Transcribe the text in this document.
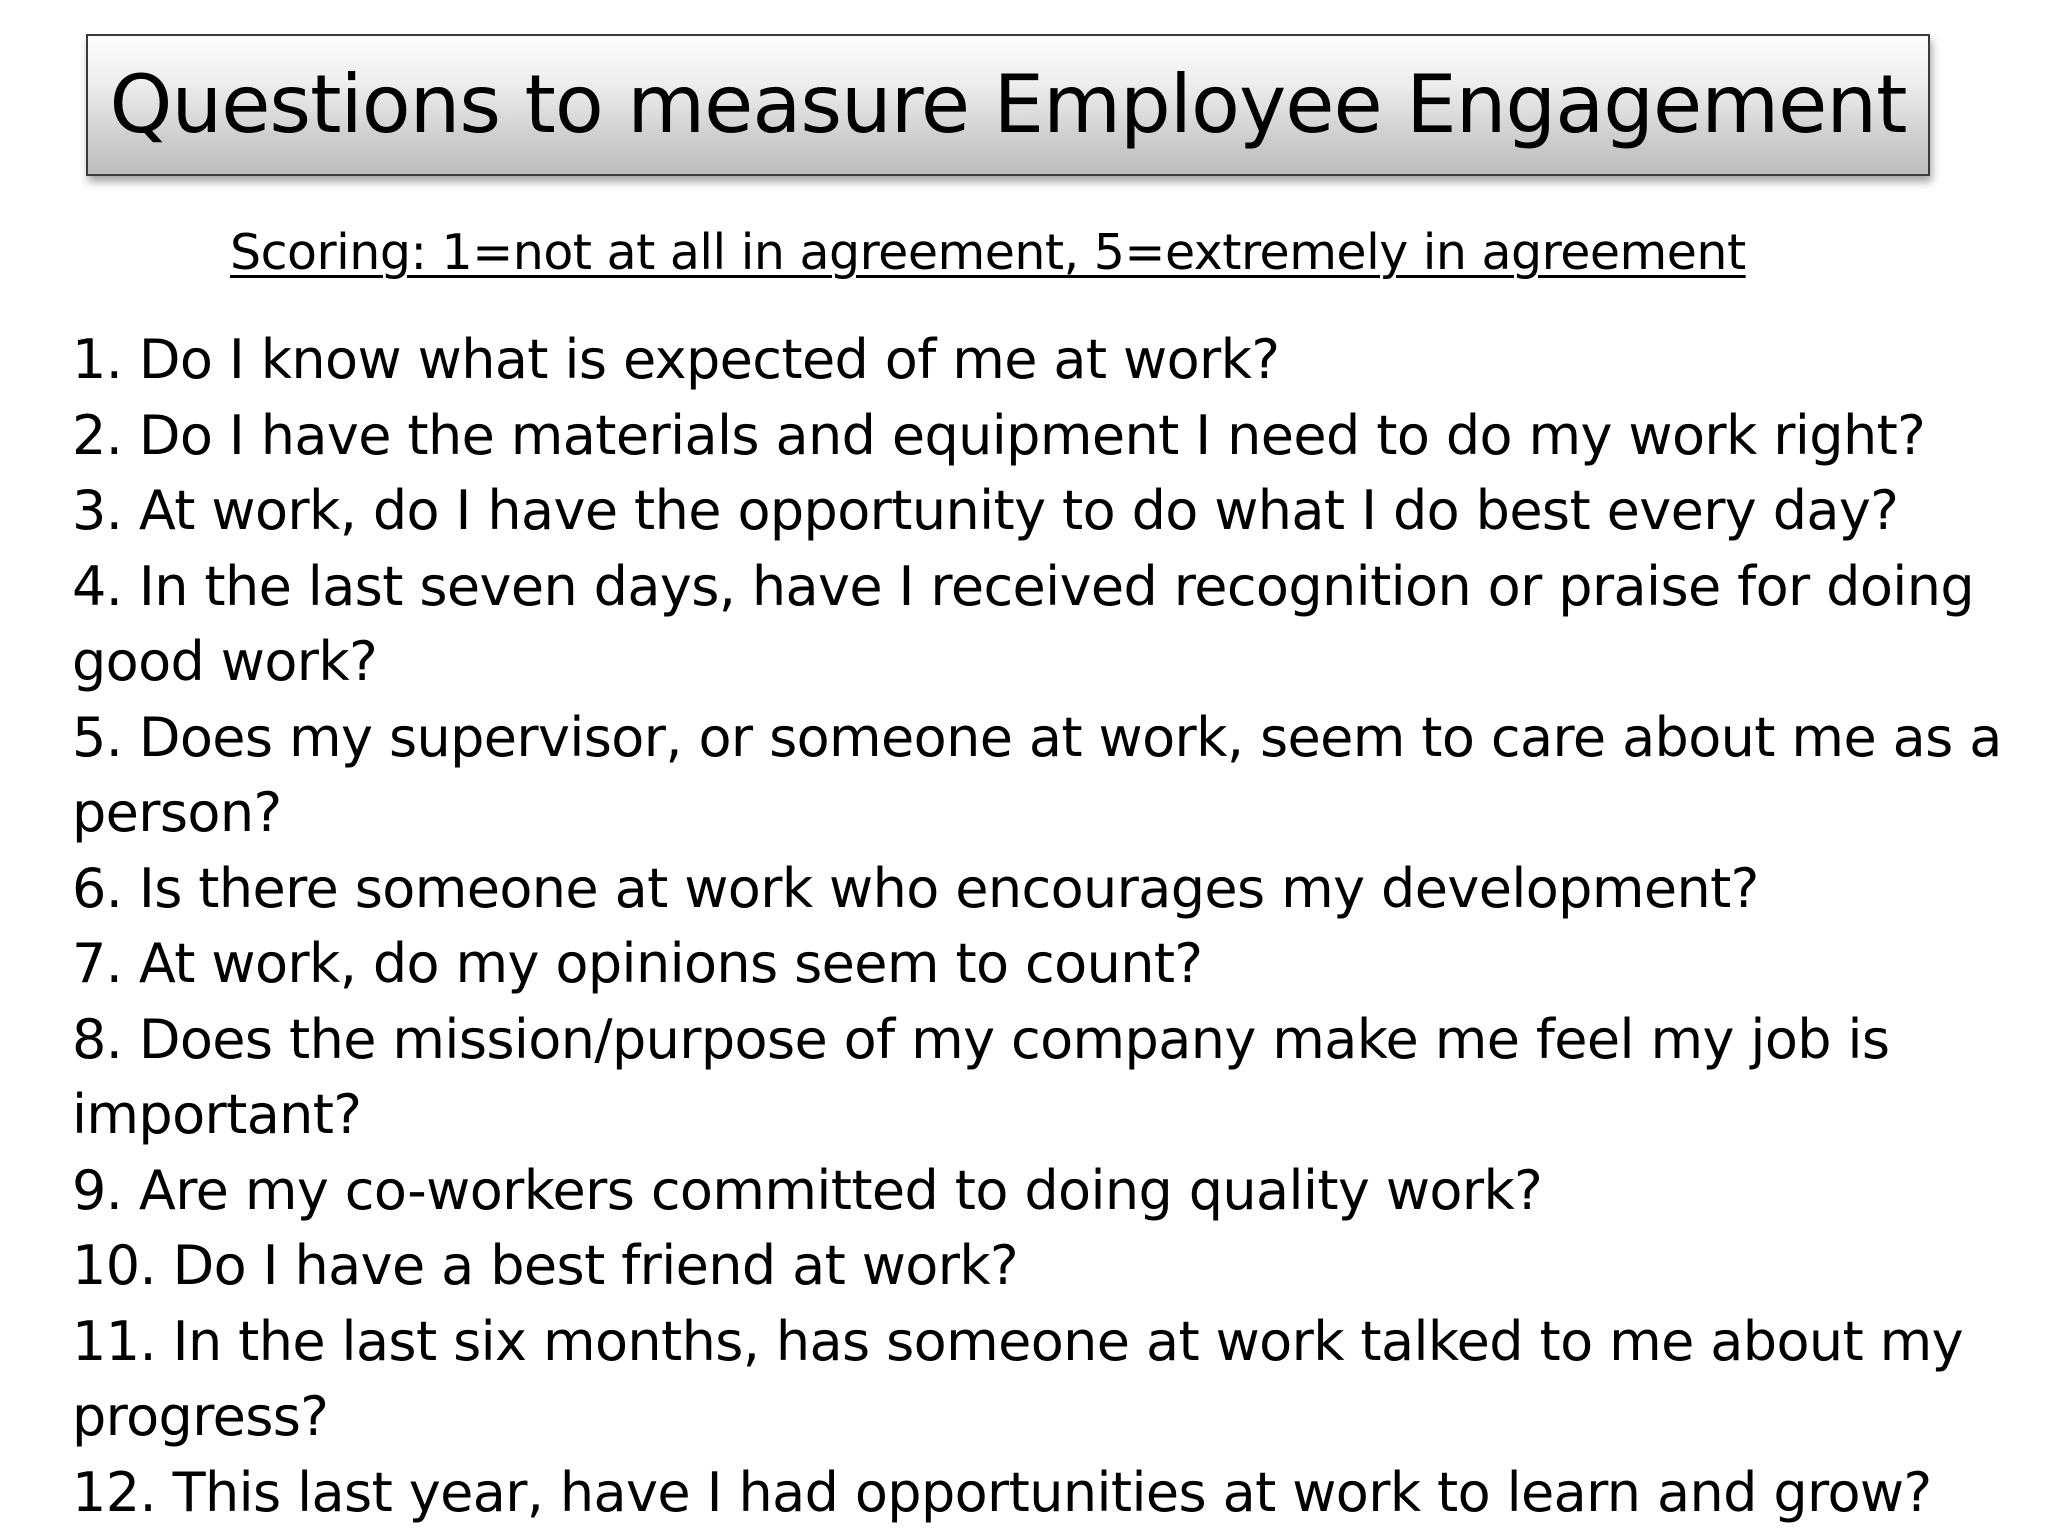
Questions to measure Employee Engagement
Scoring: 1=not at all in agreement, 5=extremely in agreement
1. Do I know what is expected of me at work?
2. Do I have the materials and equipment I need to do my work right?
3. At work, do I have the opportunity to do what I do best every day?
4. In the last seven days, have I received recognition or praise for doing good work?
5. Does my supervisor, or someone at work, seem to care about me as a person?
6. Is there someone at work who encourages my development?
7. At work, do my opinions seem to count?
8. Does the mission/purpose of my company make me feel my job is important?
9. Are my co-workers committed to doing quality work?
10. Do I have a best friend at work?
11. In the last six months, has someone at work talked to me about my progress?
12. This last year, have I had opportunities at work to learn and grow?
